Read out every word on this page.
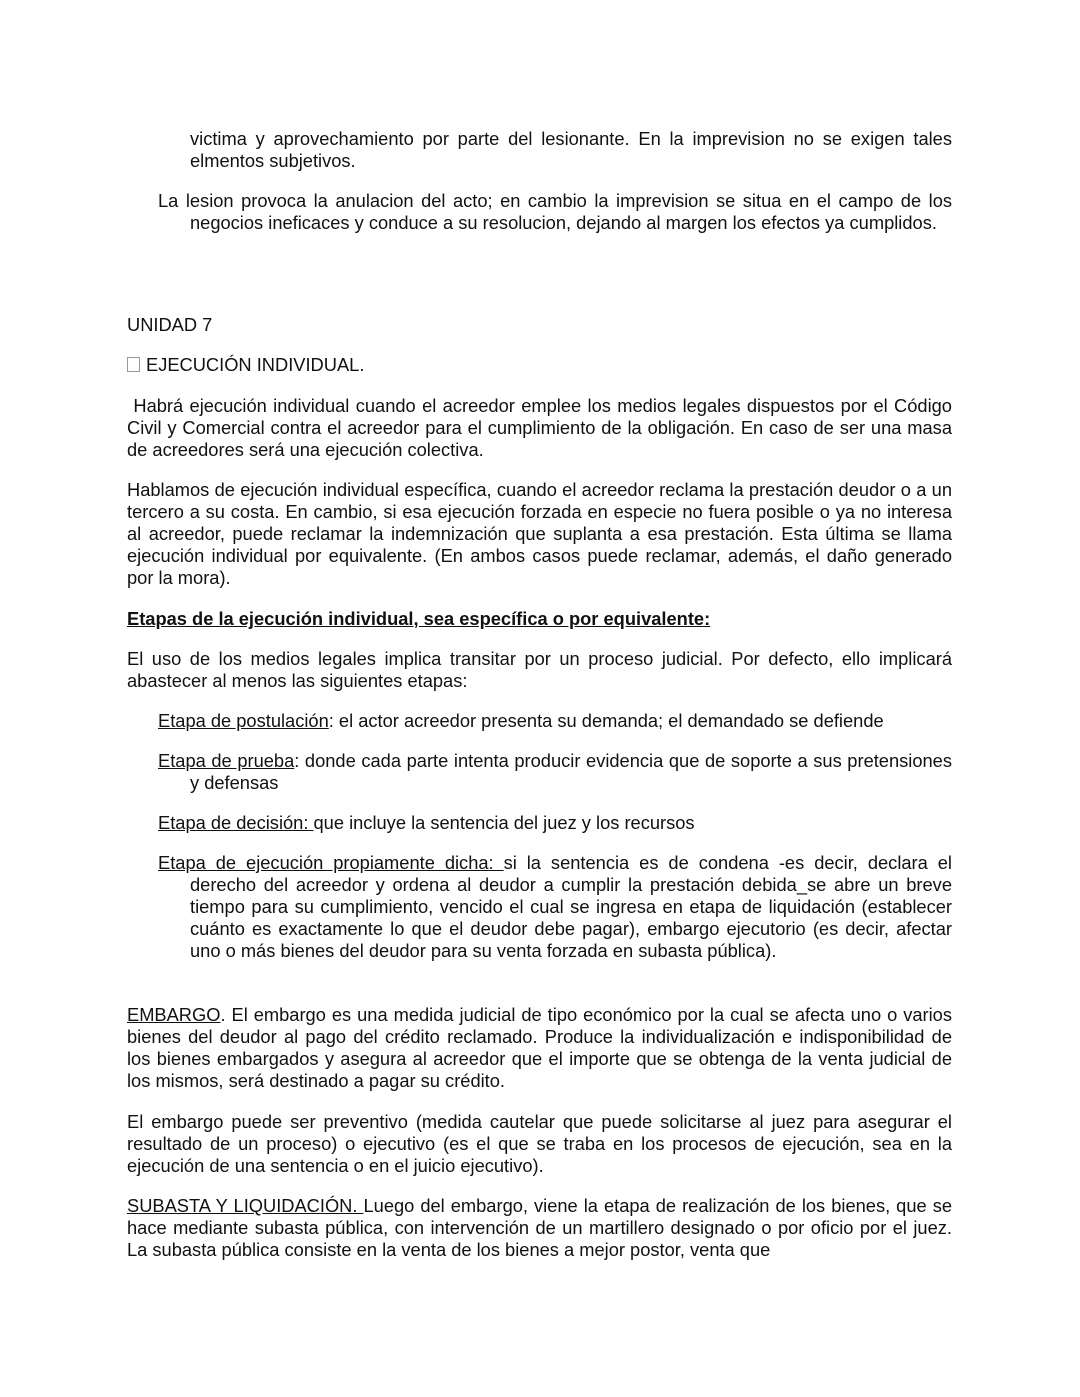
victima y aprovechamiento por parte del lesionante. En la imprevision no se exigen tales elmentos subjetivos.

La lesion provoca la anulacion del acto; en cambio la imprevision se situa en el campo de los negocios ineficaces y conduce a su resolucion, dejando al margen los efectos ya cumplidos.

UNIDAD 7

EJECUCIÓN INDIVIDUAL.

Habrá ejecución individual cuando el acreedor emplee los medios legales dispuestos por el Código Civil y Comercial contra el acreedor para el cumplimiento de la obligación. En caso de ser una masa de acreedores será una ejecución colectiva.

Hablamos de ejecución individual específica, cuando el acreedor reclama la prestación deudor o a un tercero a su costa. En cambio, si esa ejecución forzada en especie no fuera posible o ya no interesa al acreedor, puede reclamar la indemnización que suplanta a esa prestación. Esta última se llama ejecución individual por equivalente. (En ambos casos puede reclamar, además, el daño generado por la mora).

Etapas de la ejecución individual, sea específica o por equivalente:

El uso de los medios legales implica transitar por un proceso judicial. Por defecto, ello implicará abastecer al menos las siguientes etapas:

Etapa de postulación: el actor acreedor presenta su demanda; el demandado se defiende

Etapa de prueba: donde cada parte intenta producir evidencia que de soporte a sus pretensiones y defensas

Etapa de decisión: que incluye la sentencia del juez y los recursos

Etapa de ejecución propiamente dicha: si la sentencia es de condena -es decir, declara el derecho del acreedor y ordena al deudor a cumplir la prestación debida_se abre un breve tiempo para su cumplimiento, vencido el cual se ingresa en etapa de liquidación (establecer cuánto es exactamente lo que el deudor debe pagar), embargo ejecutorio (es decir, afectar uno o más bienes del deudor para su venta forzada en subasta pública).

EMBARGO. El embargo es una medida judicial de tipo económico por la cual se afecta uno o varios bienes del deudor al pago del crédito reclamado. Produce la individualización e indisponibilidad de los bienes embargados y asegura al acreedor que el importe que se obtenga de la venta judicial de los mismos, será destinado a pagar su crédito.

El embargo puede ser preventivo (medida cautelar que puede solicitarse al juez para asegurar el resultado de un proceso) o ejecutivo (es el que se traba en los procesos de ejecución, sea en la ejecución de una sentencia o en el juicio ejecutivo).

SUBASTA Y LIQUIDACIÓN. Luego del embargo, viene la etapa de realización de los bienes, que se hace mediante subasta pública, con intervención de un martillero designado o por oficio por el juez. La subasta pública consiste en la venta de los bienes a mejor postor, venta que
